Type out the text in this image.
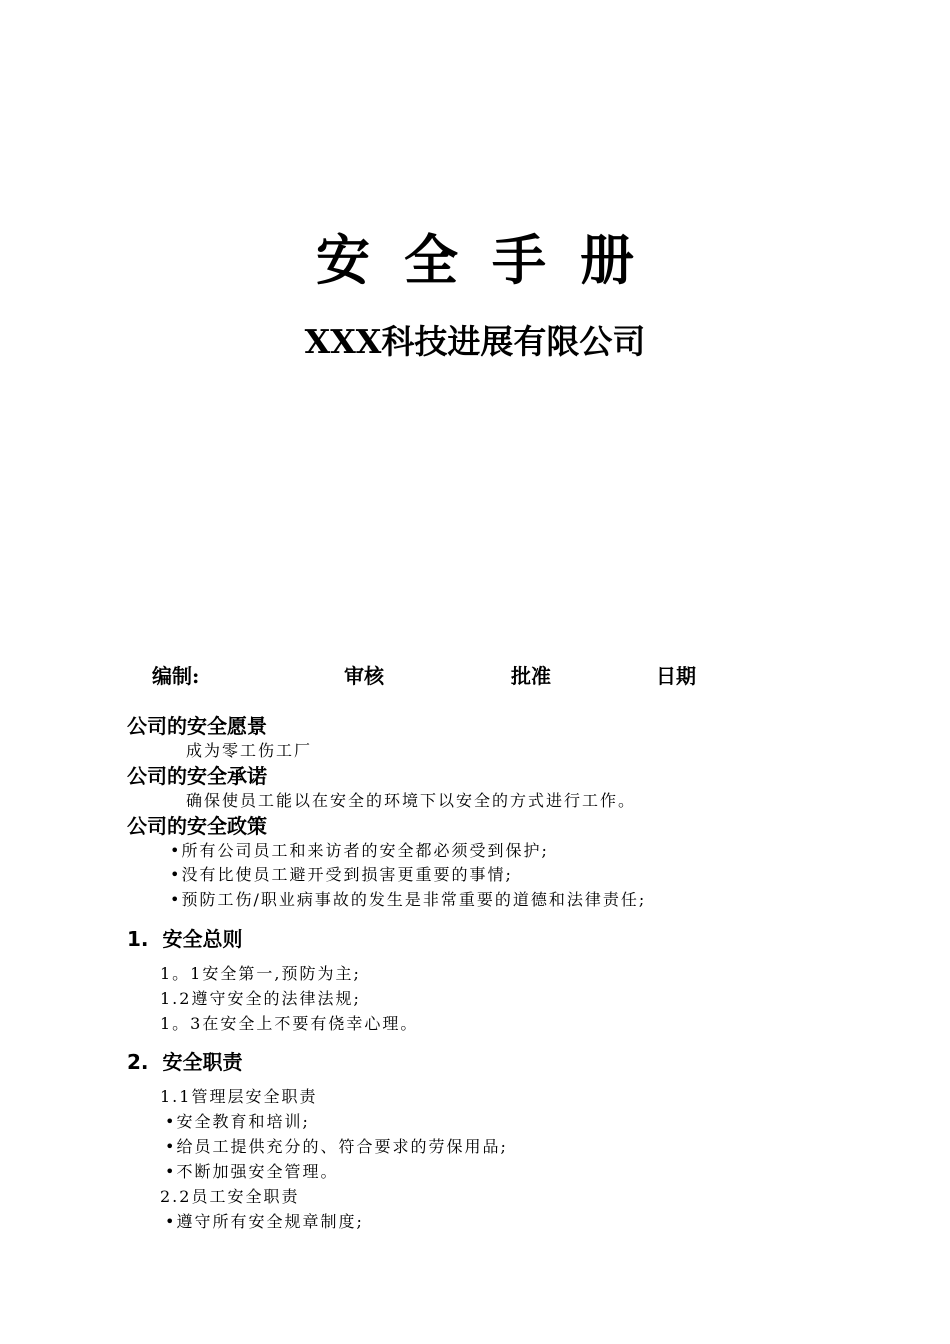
安全手册
XXX科技进展有限公司
编制:	审核	批准	日期
公司的安全愿景
成为零工伤工厂
公司的安全承诺
确保使员工能以在安全的环境下以安全的方式进行工作。
公司的安全政策
•所有公司员工和来访者的安全都必须受到保护;
•没有比使员工避开受到损害更重要的事情;
•预防工伤/职业病事故的发生是非常重要的道德和法律责任;
1. 安全总则
1。1安全第一,预防为主;
1.2遵守安全的法律法规;
1。3在安全上不要有侥幸心理。
2. 安全职责
1.1管理层安全职责
•安全教育和培训;
•给员工提供充分的、符合要求的劳保用品;
•不断加强安全管理。
2.2员工安全职责
•遵守所有安全规章制度;
